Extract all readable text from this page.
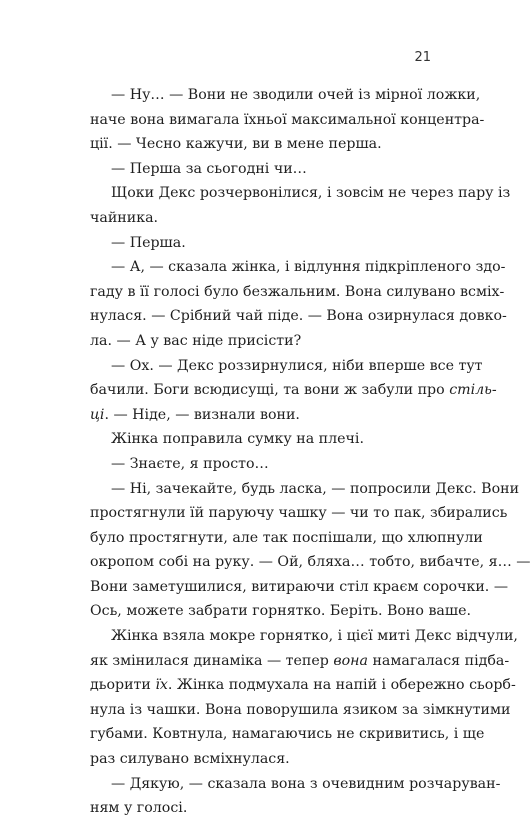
21
— Ну… — Вони не зводили очей із мірної ложки,
наче вона вимагала їхньої максимальної концентра-
ції. — Чесно кажучи, ви в мене перша.
— Перша за сьогодні чи…
Щоки Декс розчервонілися, і зовсім не через пару із
чайника.
— Перша.
— А, — сказала жінка, і відлуння підкріпленого здо-
гаду в її голосі було безжальним. Вона силувано всміх-
нулася. — Срібний чай піде. — Вона озирнулася довко-
ла. — А у вас ніде присісти?
— Ох. — Декс роззирнулися, ніби вперше все тут
бачили. Боги всюдисущі, та вони ж забули про стіль-
ці. — Ніде, — визнали вони.
Жінка поправила сумку на плечі.
— Знаєте, я просто…
— Ні, зачекайте, будь ласка, — попросили Декс. Вони
простягнули їй паруючу чашку — чи то пак, збирались
було простягнути, але так поспішали, що хлюпнули
окропом собі на руку. — Ой, бляха… тобто, вибачте, я… —
Вони заметушилися, витираючи стіл краєм сорочки. —
Ось, можете забрати горнятко. Беріть. Воно ваше.
Жінка взяла мокре горнятко, і цієї миті Декс відчули,
як змінилася динаміка — тепер вона намагалася підба-
дьорити їх. Жінка подмухала на напій і обережно сьорб-
нула із чашки. Вона поворушила язиком за зімкнутими
губами. Ковтнула, намагаючись не скривитись, і ще
раз силувано всміхнулася.
— Дякую, — сказала вона з очевидним розчаруван-
ням у голосі.
